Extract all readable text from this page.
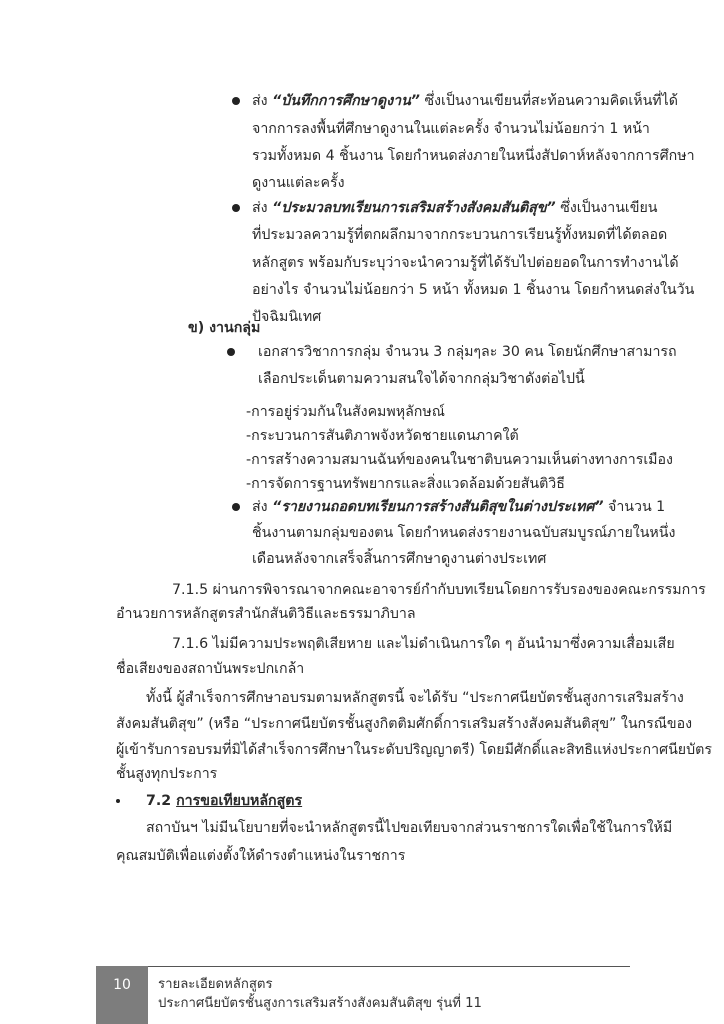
ส่ง “บันทึกการศึกษาดูงาน” ซึ่งเป็นงานเขียนที่สะท้อนความคิดเห็นที่ได้
จากการลงพื้นที่ศึกษาดูงานในแต่ละครั้ง จำนวนไม่น้อยกว่า 1 หน้า
รวมทั้งหมด 4 ชิ้นงาน โดยกำหนดส่งภายในหนึ่งสัปดาห์หลังจากการศึกษา
ดูงานแต่ละครั้ง
ส่ง “ประมวลบทเรียนการเสริมสร้างสังคมสันติสุข” ซึ่งเป็นงานเขียน
ที่ประมวลความรู้ที่ตกผลึกมาจากกระบวนการเรียนรู้ทั้งหมดที่ได้ตลอด
หลักสูตร พร้อมกับระบุว่าจะนำความรู้ที่ได้รับไปต่อยอดในการทำงานได้
อย่างไร จำนวนไม่น้อยกว่า 5 หน้า ทั้งหมด 1 ชิ้นงาน โดยกำหนดส่งในวัน
ปัจฉิมนิเทศ
ข) งานกลุ่ม
เอกสารวิชาการกลุ่ม จำนวน 3 กลุ่มๆละ 30 คน โดยนักศึกษาสามารถ
เลือกประเด็นตามความสนใจได้จากกลุ่มวิชาดังต่อไปนี้
-การอยู่ร่วมกันในสังคมพหุลักษณ์
-กระบวนการสันติภาพจังหวัดชายแดนภาคใต้
-การสร้างความสมานฉันท์ของคนในชาติบนความเห็นต่างทางการเมือง
-การจัดการฐานทรัพยากรและสิ่งแวดล้อมด้วยสันติวิธี
ส่ง “รายงานถอดบทเรียนการสร้างสันติสุขในต่างประเทศ” จำนวน 1
ชิ้นงานตามกลุ่มของตน โดยกำหนดส่งรายงานฉบับสมบูรณ์ภายในหนึ่ง
เดือนหลังจากเสร็จสิ้นการศึกษาดูงานต่างประเทศ
7.1.5 ผ่านการพิจารณาจากคณะอาจารย์กำกับบทเรียนโดยการรับรองของคณะกรรมการ
อำนวยการหลักสูตรสำนักสันติวิธีและธรรมาภิบาล
7.1.6 ไม่มีความประพฤติเสียหาย และไม่ดำเนินการใด ๆ อันนำมาซึ่งความเสื่อมเสีย
ชื่อเสียงของสถาบันพระปกเกล้า
ทั้งนี้ ผู้สำเร็จการศึกษาอบรมตามหลักสูตรนี้ จะได้รับ “ประกาศนียบัตรชั้นสูงการเสริมสร้าง
สังคมสันติสุข” (หรือ “ประกาศนียบัตรชั้นสูงกิตติมศักดิ์การเสริมสร้างสังคมสันติสุข” ในกรณีของ
ผู้เข้ารับการอบรมที่มิได้สำเร็จการศึกษาในระดับปริญญาตรี) โดยมีศักดิ์และสิทธิแห่งประกาศนียบัตร
ชั้นสูงทุกประการ
7.2 การขอเทียบหลักสูตร
สถาบันฯ ไม่มีนโยบายที่จะนำหลักสูตรนี้ไปขอเทียบจากส่วนราชการใดเพื่อใช้ในการให้มี
คุณสมบัติเพื่อแต่งตั้งให้ดำรงตำแหน่งในราชการ
10	รายละเอียดหลักสูตร
ประกาศนียบัตรชั้นสูงการเสริมสร้างสังคมสันติสุข รุ่นที่ 11
